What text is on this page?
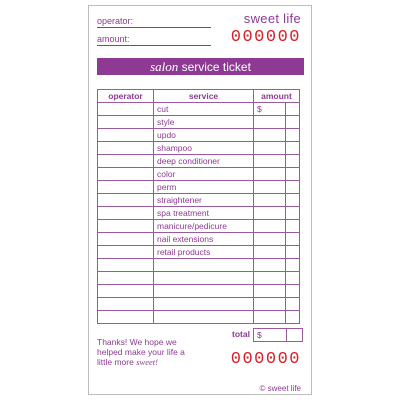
operator:
amount:
sweet life
000000
salon service ticket
operator	service	amount	
	cut	$	
	style		
	updo		
	shampoo		
	deep conditioner		
	color		
	perm		
	straightener		
	spa treatment		
	manicure/pedicure		
	nail extensions		
	retail products		

total $
Thanks! We hope we helped make your life a little more sweet!	000000
© sweet life
